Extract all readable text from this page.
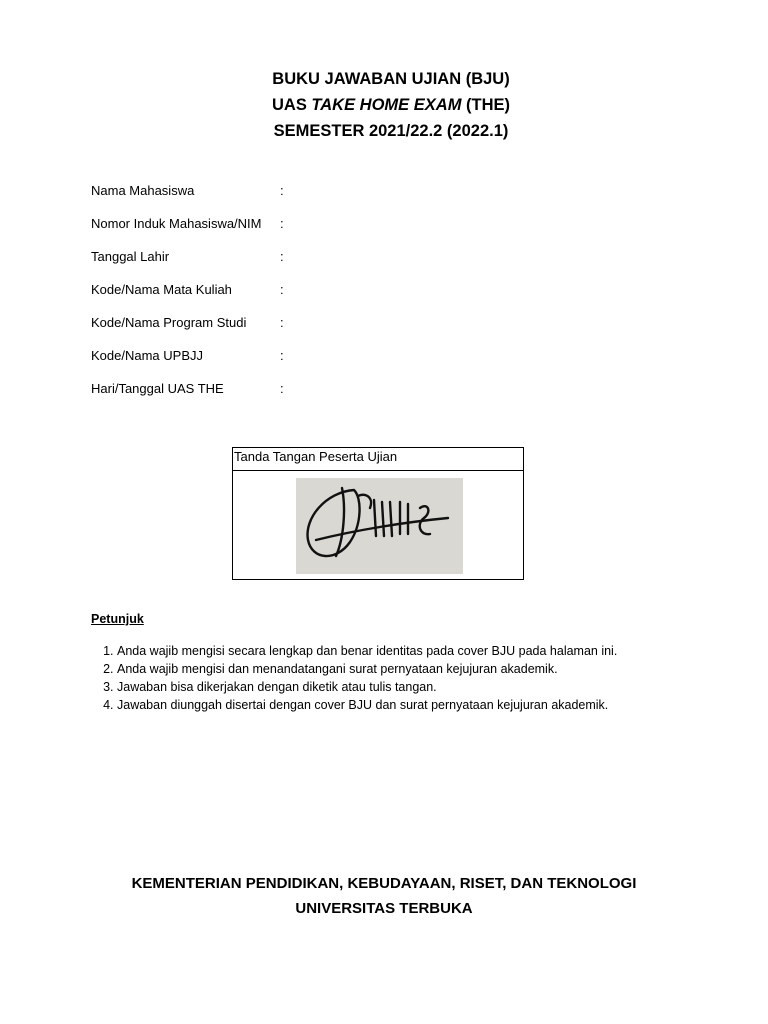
BUKU JAWABAN UJIAN (BJU)

UAS TAKE HOME EXAM (THE)

SEMESTER 2021/22.2 (2022.1)

Nama Mahasiswa	:
Nomor Induk Mahasiswa/NIM :
Tanggal Lahir	:
Kode/Nama Mata Kuliah	:
Kode/Nama Program Studi	:
Kode/Nama UPBJJ	:
Hari/Tanggal UAS THE	:
Tanda Tangan Peserta Ujian

Petunjuk

1. Anda wajib mengisi secara lengkap dan benar identitas pada cover BJU pada halaman ini.
2. Anda wajib mengisi dan menandatangani surat pernyataan kejujuran akademik.
3. Jawaban bisa dikerjakan dengan diketik atau tulis tangan.
4. Jawaban diunggah disertai dengan cover BJU dan surat pernyataan kejujuran akademik.

KEMENTERIAN PENDIDIKAN, KEBUDAYAAN, RISET, DAN TEKNOLOGI

UNIVERSITAS TERBUKA
